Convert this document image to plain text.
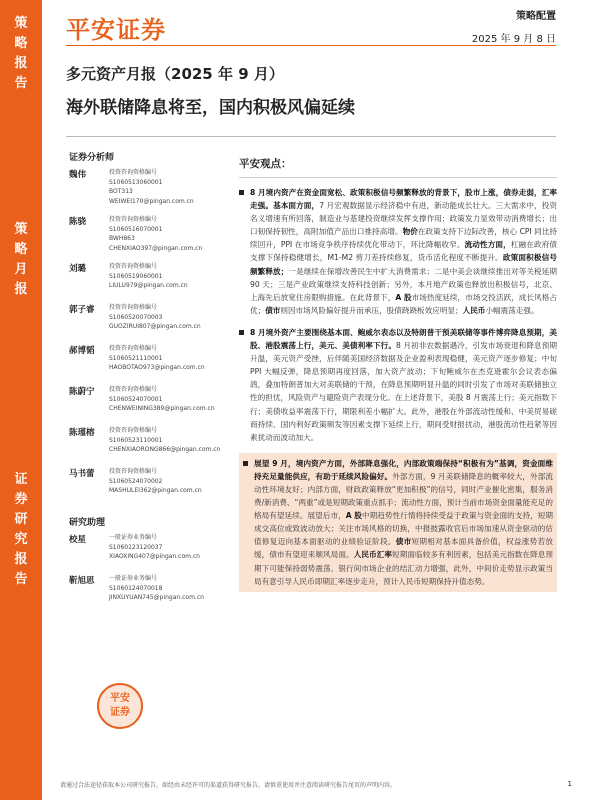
策
略
报
告
策
略
月
报
证
券
研
究
报
告
平安证券	策略配置
2025 年 9 月 8 日
多元资产月报（2025 年 9 月）
海外联储降息将至，国内积极风偏延续
证券分析师
魏伟	投资咨询资格编号
S1060513060001
BOT313
WEIWEI170@pingan.com.cn
陈骁	投资咨询资格编号
S1060516070001
BWH863
CHENXIAO397@pingan.com.cn
刘璐	投资咨询资格编号
S1060519060001
LIULU979@pingan.com.cn
郭子睿 投资咨询资格编号
S1060520070003
GUOZIRUI807@pingan.com.cn
郝博韬 投资咨询资格编号
S1060521110001
HAOBOTAO973@pingan.com.cn
陈蔚宁 投资咨询资格编号
S1060524070001
CHENWEINING389@pingan.com.cn
陈瑾榕 投资咨询资格编号
S1060523110001
CHENXIAORONG866@pingan.com.cn
马书蕾 投资咨询资格编号
S1060524070002
MASHULEI362@pingan.com.cn
研究助理
校星	一般证券业务编号
S1060123120037
XIAOXING407@pingan.com.cn
靳旭思 一般证券业务编号
S1060124070018
JINXUYUAN745@pingan.com.cn
平安
证券
平安观点：
8 月境内资产在资金面宽松、政策积极信号频繁释放的背景下，股市上涨，债券走弱，汇率走强。基本面方面，7 月宏观数据显示经济稳中有进，新动能成长壮大。三大需求中，投资名义增速有所回落，制造业与基建投资继续发挥支撑作用；政策发力显效带动消费增长；出口韧保持韧性，高附加值产品出口推持高增。物价在政策支持下边际改善，核心 CPI 同比持续回升，PPI 在市场竞争秩序持续优化带动下，环比降幅收窄。流动性方面，杠融在政府债支撑下保持稳健增长，M1-M2 剪刀差持续修复，货币活化程度不断提升。政策面积极信号频繁释放；一是继续在保增改善民生中扩大消费需求；二是中美会谈继续推出对等关税延期 90 天；三是产业政策继续支持科技创新；另外，本月地产政策也释放出积极信号，北京、上海先后放宽住房限购措施。在此背景下，A 股市场热度延续，市场交投活跃，成长风格占优；债市则因市场风险偏好提升而承压，股债跷跷板效应明显；人民币小幅震荡走强。
8 月境外资产主要围绕基本面、鲍威尔表态以及特朗普干预美联储等事件博弈降息预期，美股、港股震荡上行，美元、美债利率下行。8 月初非农数据遇冷，引发市场衰退和降息预期升温，美元资产受挫，后伴随美国经济数据及企业盈利表现稳健，美元资产逐步修复；中旬 PPI 大幅反弹，降息预期再度回落，加大资产波动；下旬鲍威尔在杰克逊霍尔会议表态偏鸽，叠加特朗普加大对美联储的干预，在降息预期明显升温的同时引发了市场对美联储独立性的担忧，风险资产与避险资产表现分化。在上述背景下，美股 8 月震荡上行；美元指数下行；美债收益率震荡下行，期限利差小幅扩大。此外，港股在外部流动性缓和、中美贸易磋商持续、国内利好政策频发等因素支撑下延续上行，期间受财报扰动，港股流动性趋紧等因素扰动而波动加大。
展望 9 月，境内资产方面，外部降息强化，内部政策端保持“积极有为”基调，资金面维持充足量能供应，有助于延续风险偏好。外部方面，9 月美联储降息的概率较大，外部流动性环境友好；内部方面，财政政策释放“更加积极”的信号，同时产业催化密集，服务消费/新消费、“两重”或是短期政策重点抓手；流动性方面，预计当前市场资金面量能充足的格局有望延续。展望后市，A 股中期趋势性行情将持续受益于政策与资金面的支持，短期成交高位或致波动放大；关注市场风格的切换，中报披露收官后市场加速从资金驱动的估值修复迈向基本面驱动的业绩验证阶段。债市短期相对基本面具备价值，权益涨势若放缓，债市有望迎来顺风局面。人民币汇率短期面临较多有利因素，包括美元指数在降息预期下可能保持弱势震荡、银行间市场企业的结汇动力增强，此外，中间价走势显示政策当局有意引导人民币即期汇率逐步走升，预计人民币短期保持升值态势。
请通过合法途径获取本公司研究报告，如经由未经许可的渠道获得研究报告，请慎重使用并注意阅读研究报告尾页的声明内容。	1
